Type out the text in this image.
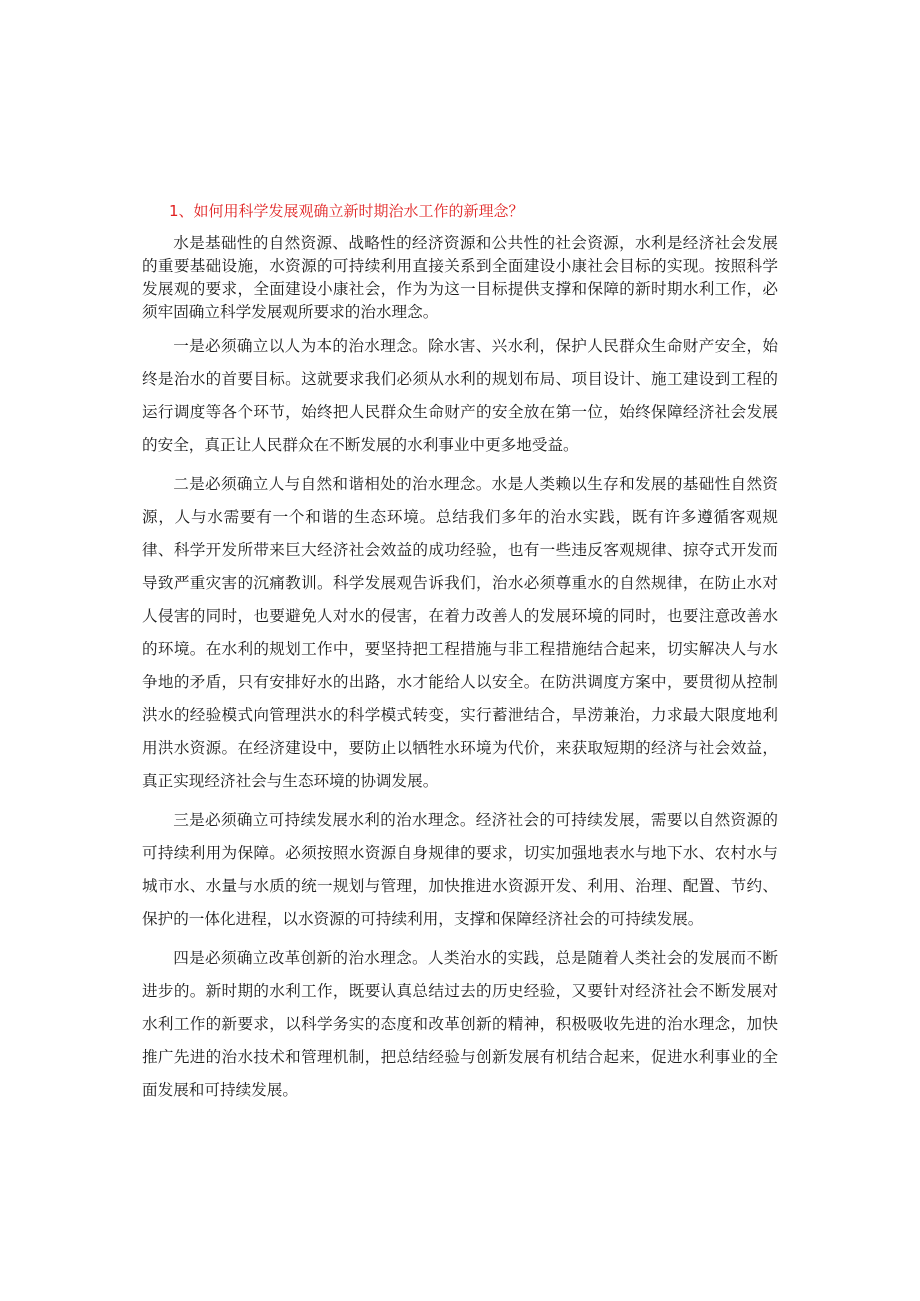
1、如何用科学发展观确立新时期治水工作的新理念？

水是基础性的自然资源、战略性的经济资源和公共性的社会资源，水利是经济社会发展的重要基础设施，水资源的可持续利用直接关系到全面建设小康社会目标的实现。按照科学发展观的要求，全面建设小康社会，作为为这一目标提供支撑和保障的新时期水利工作，必须牢固确立科学发展观所要求的治水理念。

一是必须确立以人为本的治水理念。除水害、兴水利，保护人民群众生命财产安全，始终是治水的首要目标。这就要求我们必须从水利的规划布局、项目设计、施工建设到工程的运行调度等各个环节，始终把人民群众生命财产的安全放在第一位，始终保障经济社会发展的安全，真正让人民群众在不断发展的水利事业中更多地受益。

二是必须确立人与自然和谐相处的治水理念。水是人类赖以生存和发展的基础性自然资源，人与水需要有一个和谐的生态环境。总结我们多年的治水实践，既有许多遵循客观规律、科学开发所带来巨大经济社会效益的成功经验，也有一些违反客观规律、掠夺式开发而导致严重灾害的沉痛教训。科学发展观告诉我们，治水必须尊重水的自然规律，在防止水对人侵害的同时，也要避免人对水的侵害，在着力改善人的发展环境的同时，也要注意改善水的环境。在水利的规划工作中，要坚持把工程措施与非工程措施结合起来，切实解决人与水争地的矛盾，只有安排好水的出路，水才能给人以安全。在防洪调度方案中，要贯彻从控制洪水的经验模式向管理洪水的科学模式转变，实行蓄泄结合，旱涝兼治，力求最大限度地利用洪水资源。在经济建设中，要防止以牺牲水环境为代价，来获取短期的经济与社会效益，真正实现经济社会与生态环境的协调发展。

三是必须确立可持续发展水利的治水理念。经济社会的可持续发展，需要以自然资源的可持续利用为保障。必须按照水资源自身规律的要求，切实加强地表水与地下水、农村水与城市水、水量与水质的统一规划与管理，加快推进水资源开发、利用、治理、配置、节约、保护的一体化进程，以水资源的可持续利用，支撑和保障经济社会的可持续发展。

四是必须确立改革创新的治水理念。人类治水的实践，总是随着人类社会的发展而不断进步的。新时期的水利工作，既要认真总结过去的历史经验，又要针对经济社会不断发展对水利工作的新要求，以科学务实的态度和改革创新的精神，积极吸收先进的治水理念，加快推广先进的治水技术和管理机制，把总结经验与创新发展有机结合起来，促进水利事业的全面发展和可持续发展。
